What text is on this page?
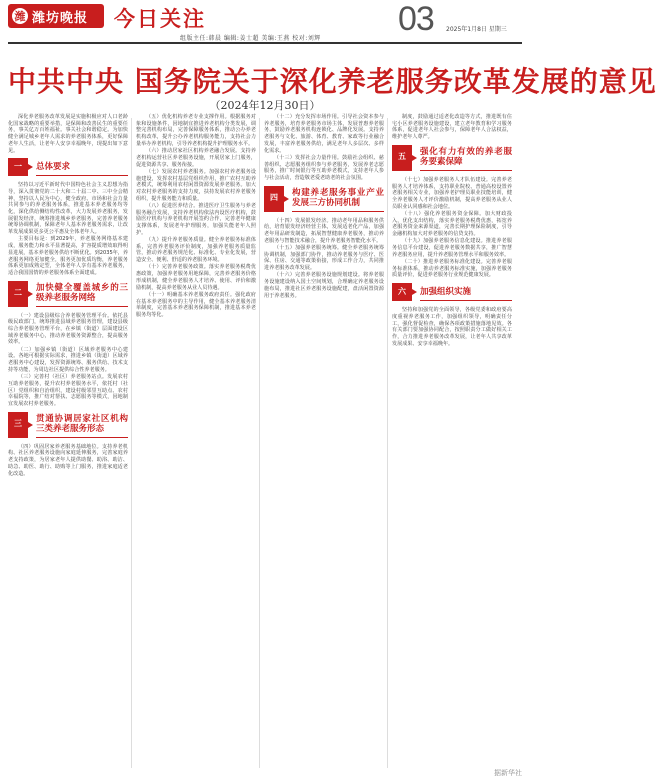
潍 潍坊晚报 今日关注	03 2025年1月8日 星期三
组版主任:韩晨 编辑:姜士超 美编:王燕 校对:刘辉
中共中央 国务院关于深化养老服务改革发展的意见
（2024年12月30日）

深化养老服务改革发展是实施积极应对人口老龄化国家战略的重要举措，是保障和改善民生的重要任务，事关亿万百姓福祉。事关社会和谐稳定。为加快健全满足城乡老年人需求的养老服务体系，更好保障老年人生活，让老年人安享幸福晚年，现提出如下意见。

一	总体要求

坚持以习近平新时代中国特色社会主义思想为指导，深入贯彻党的二十大和二十届二中、三中全会精神，坚持以人民为中心，健全政府、市场和社会力量共同参与的养老服务体系，推进基本养老服务均等化，深化供给侧结构性改革，大力发展养老服务，发展银发经济，统筹推进城乡养老服务，完善养老服务统筹协调机制，保障老年人基本养老服务需求，让改革发展成果更多更公平惠及全体老年人。

主要目标是：到2029年，养老服务网络基本建成，服务能力和水平显著提高，扩容提质增效取得明显进展，基本养老服务供给不断优化。到2035年，养老服务网络更加健全，服务更加优质均衡，养老服务体系更加成熟定型，全体老年人享有基本养老服务，适合我国国情的养老服务体系全面建成。

二	加快健全覆盖城乡的三级养老服务网络

（一）建设县级综合养老服务管理平台。依托县级民政部门，统筹推进县域养老服务管理，建设县级综合养老服务管理平台，在乡镇（街道）层面建设区域养老服务中心，推动养老服务资源整合，提高服务效率。

（二）加强乡镇（街道）区域养老服务中心建设。各地可根据实际需求，推进乡镇（街道）区域养老服务中心建设，发挥资源统筹、服务供给、技术支持等功能，为周边社区提供综合性养老服务。

（三）完善村（社区）养老服务站点。发展农村互助养老服务，提升农村养老服务水平，依托村（社区）党组织和自治组织，建设村级邻里互助点、农村幸福院等，推广结对帮扶、志愿服务等模式，因地制宜发展农村养老服务。

三	贯通协调居家社区机构三类养老服务形态

（四）巩固居家养老服务基础地位。支持养老机构、社区养老服务设施向家庭延伸服务，完善家庭养老支持政策，为居家老年人提供助餐、助浴、助洁、助急、助医、助行、助购等上门服务，推进家庭适老化改造。

（五）优化机构养老专业支撑作用。根据服务对象和设施条件，因地制宜推进养老机构分类发展，调整完善机构布局，完善保障服务体系，推动公办养老机构改革，提升公办养老机构服务能力，支持社会力量举办养老机构，引导养老机构提升护理服务水平。

（六）推动居家社区机构养老融合发展。支持养老机构运营社区养老服务设施，开展居家上门服务，促进资源共享、服务衔接。

（七）发展农村养老服务。加强农村养老服务设施建设，发挥农村基层党组织作用，推广农村互助养老模式，统筹利用农村闲置资源发展养老服务。加大对农村养老服务的支持力度，扶持发展农村养老服务组织，提升服务能力和质量。

（八）促进医养结合。推进医疗卫生服务与养老服务融合发展，支持养老机构依法内设医疗机构，鼓励医疗机构与养老机构开展签约合作，完善老年健康支撑体系，发展老年护理服务，加强失能老年人照护。

（九）提升养老服务质量。健全养老服务标准体系，完善养老服务评价制度，加强养老服务质量监管，推动养老服务规范化、标准化、专业化发展，营造安全、便利、舒适的养老服务环境。

（十）完善养老服务政策。落实养老服务税费优惠政策，加强养老服务用地保障，完善养老服务价格形成机制，健全养老服务人才培养、使用、评价和激励机制，提高养老服务从业人员待遇。

（十一）明确基本养老服务政府责任。强化政府在基本养老服务中的主导作用，健全基本养老服务清单制度，完善基本养老服务保障机制，推进基本养老服务均等化。

（十二）充分发挥市场作用。引导社会资本参与养老服务，培育养老服务市场主体，发展普惠养老服务，鼓励养老服务机构连锁化、品牌化发展。支持养老服务与文化、旅游、体育、教育、家政等行业融合发展，丰富养老服务供给，满足老年人多层次、多样化需求。

（十三）发挥社会力量作用。鼓励社会组织、慈善组织、志愿服务组织参与养老服务，发展养老志愿服务，推广时间银行等互助养老模式，支持老年人参与社会活动，营造敬老爱老助老的社会氛围。

四	构建养老服务事业产业发展三方协同机制

（十四）发展银发经济。推动老年用品和服务供给，培育银发经济经营主体，发展适老化产品，加强老年用品研发制造，拓展智慧健康养老服务，推动养老服务与智能技术融合，提升养老服务智能化水平。

（十五）加强养老服务统筹。健全养老服务统筹协调机制，加强部门协作，推动养老服务与医疗、医保、住房、交通等政策衔接，形成工作合力，共同推进养老服务改革发展。

（十六）完善养老服务设施规划建设。将养老服务设施建设纳入国土空间规划，合理确定养老服务设施布局，推进社区养老服务设施配建，盘活闲置资源用于养老服务。

制度，鼓励通过适老化改造等方式，推进既有住宅小区养老服务设施建设，建立老年教育和学习服务体系，促进老年人社会参与，保障老年人合法权益，维护老年人尊严。

五	强化有力有效的养老服务要素保障

（十七）加强养老服务人才队伍建设。完善养老服务人才培养体系，支持职业院校、普通高校设置养老服务相关专业，加强养老护理员职业技能培训，健全养老服务人才评价激励机制，提高养老服务从业人员职业认同感和社会地位。

（十八）强化养老服务资金保障。加大财政投入，优化支出结构，落实养老服务税费优惠，拓宽养老服务资金来源渠道，完善长期护理保险制度，引导金融机构加大对养老服务的信贷支持。

（十九）加强养老服务信息化建设。推进养老服务信息平台建设，促进养老服务数据共享，推广智慧养老服务应用，提升养老服务管理水平和服务效率。

（二十）推进养老服务标准化建设。完善养老服务标准体系，推动养老服务标准实施，加强养老服务质量评价，促进养老服务行业规范健康发展。

六	加强组织实施

坚持和加强党的全面领导，各级党委和政府要高度重视养老服务工作，加强组织领导，明确责任分工，强化督促检查，确保各项政策措施落地见效。各有关部门要加强协同配合，按照职责分工做好相关工作，合力推进养老服务改革发展，让老年人共享改革发展成果、安享幸福晚年。

据新华社
